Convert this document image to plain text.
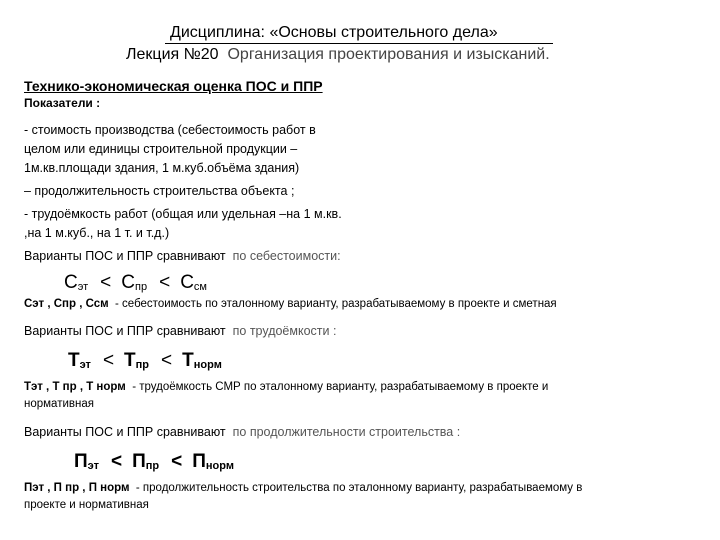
Дисциплина: «Основы строительного дела»
Лекция №20 Организация проектирования и изысканий.
Технико-экономическая оценка ПОС и ППР
Показатели :
- стоимость производства (себестоимость работ в
целом или единицы строительной продукции –
1м.кв.площади здания, 1 м.куб.объёма здания)
– продолжительность строительства объекта ;
- трудоёмкость работ (общая или удельная –на 1 м.кв.
,на 1 м.куб., на 1 т. и т.д.)
Варианты ПОС и ППР сравнивают по себестоимости:
$С_{эт} < С_{пр} < С_{см}$
Сэт , Спр , Ссм - себестоимость по эталонному варианту, разрабатываемому в проекте и сметная
Варианты ПОС и ППР сравнивают по трудоёмкости :
$Т_{эт} < Т_{пр} < Т_{норм}$
Тэт , Т пр , Т норм - трудоёмкость СМР по эталонному варианту, разрабатываемому в проекте и
нормативная
Варианты ПОС и ППР сравнивают по продолжительности строительства :
$П_{эт} < П_{пр} < П_{норм}$
Пэт , П пр , П норм - продолжительность строительства по эталонному варианту, разрабатываемому в
проекте и нормативная
